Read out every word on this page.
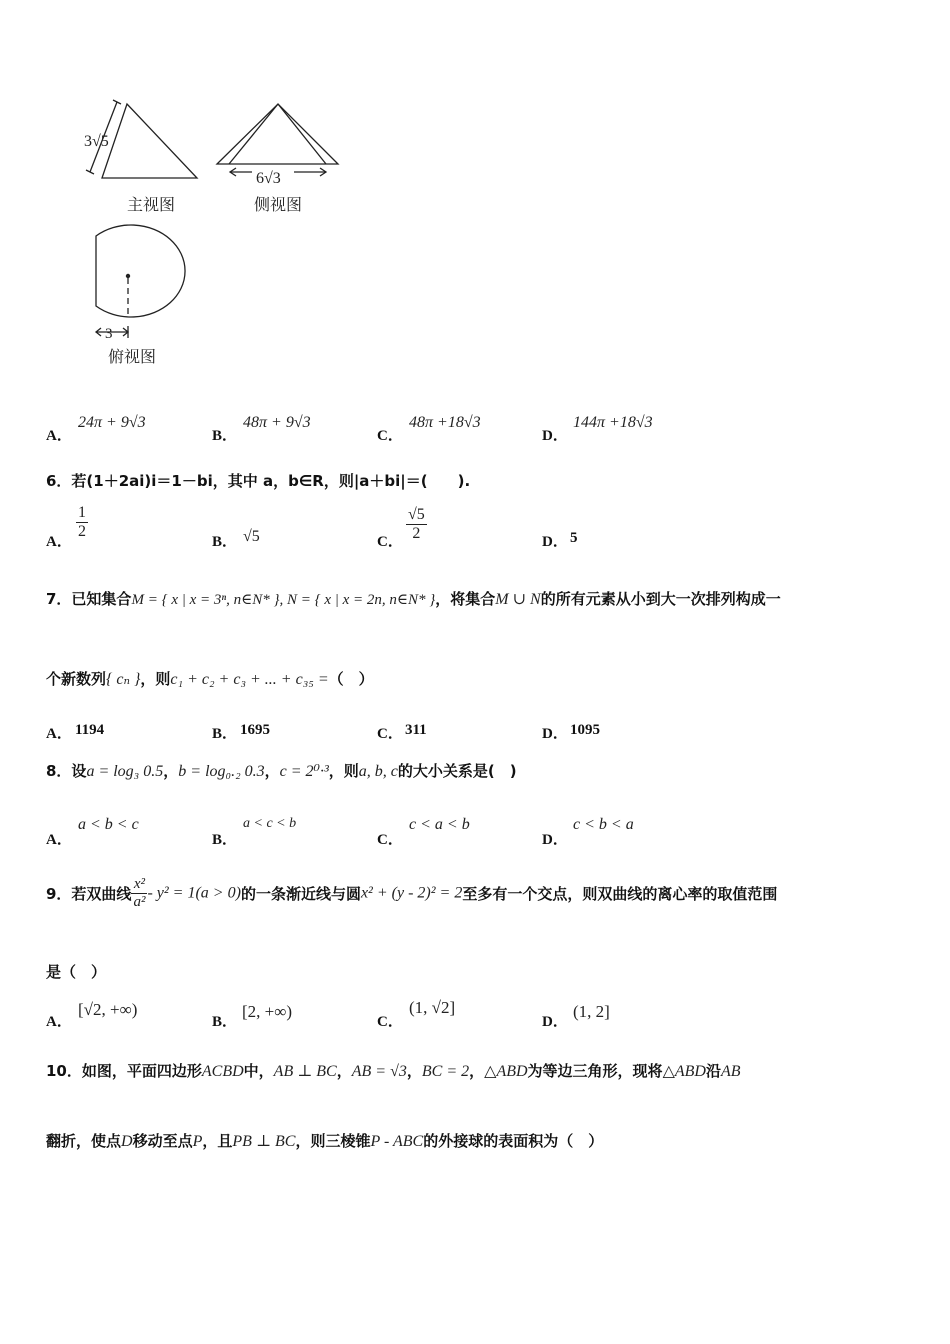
3√5
主视图
6√3
侧视图
3
俯视图
A．
24π + 9√3
B．
48π + 9√3
C．
48π +18√3
D．
144π +18√3
6．若(1＋2ai)i＝1－bi，其中 a，b∈R，则|a＋bi|＝(　　).
A．
$\frac{1}{2}$
B． √5	C． $\frac{√5}{2}$	D． 5
7．已知集合M = { x | x = 3ⁿ, n∈N* }, N = { x | x = 2n, n∈N* }，将集合M ∪ N的所有元素从小到大一次排列构成一
个新数列{ cₙ }，则c₁ + c₂ + c₃ + ... + c₃₅ =（　）
A． 1194	B． 1695	C． 311	D． 1095
8．设a = log₃ 0.5，b = log₀.₂ 0.3，c = 2⁰·³，则a, b, c的大小关系是(　)
A．
a < b < c
B．
a < c < b
C．
c < a < b
D．
c < b < a
9．若双曲线 $\frac{\text{x²}}{\text{a²}} - y^2 = 1(a > 0)$的一条渐近线与圆x² + (y - 2)² = 2至多有一个交点，则双曲线的离心率的取值范围
是（　）
A．
[√2, +∞)
B．
[2, +∞)
C．
(1, √2]
D．
(1, 2]
10．如图，平面四边形ACBD中，AB ⊥ BC，AB = √3，BC = 2，△ABD为等边三角形，现将△ABD沿AB
翻折，使点D移动至点P，且PB ⊥ BC，则三棱锥P - ABC的外接球的表面积为（　）
